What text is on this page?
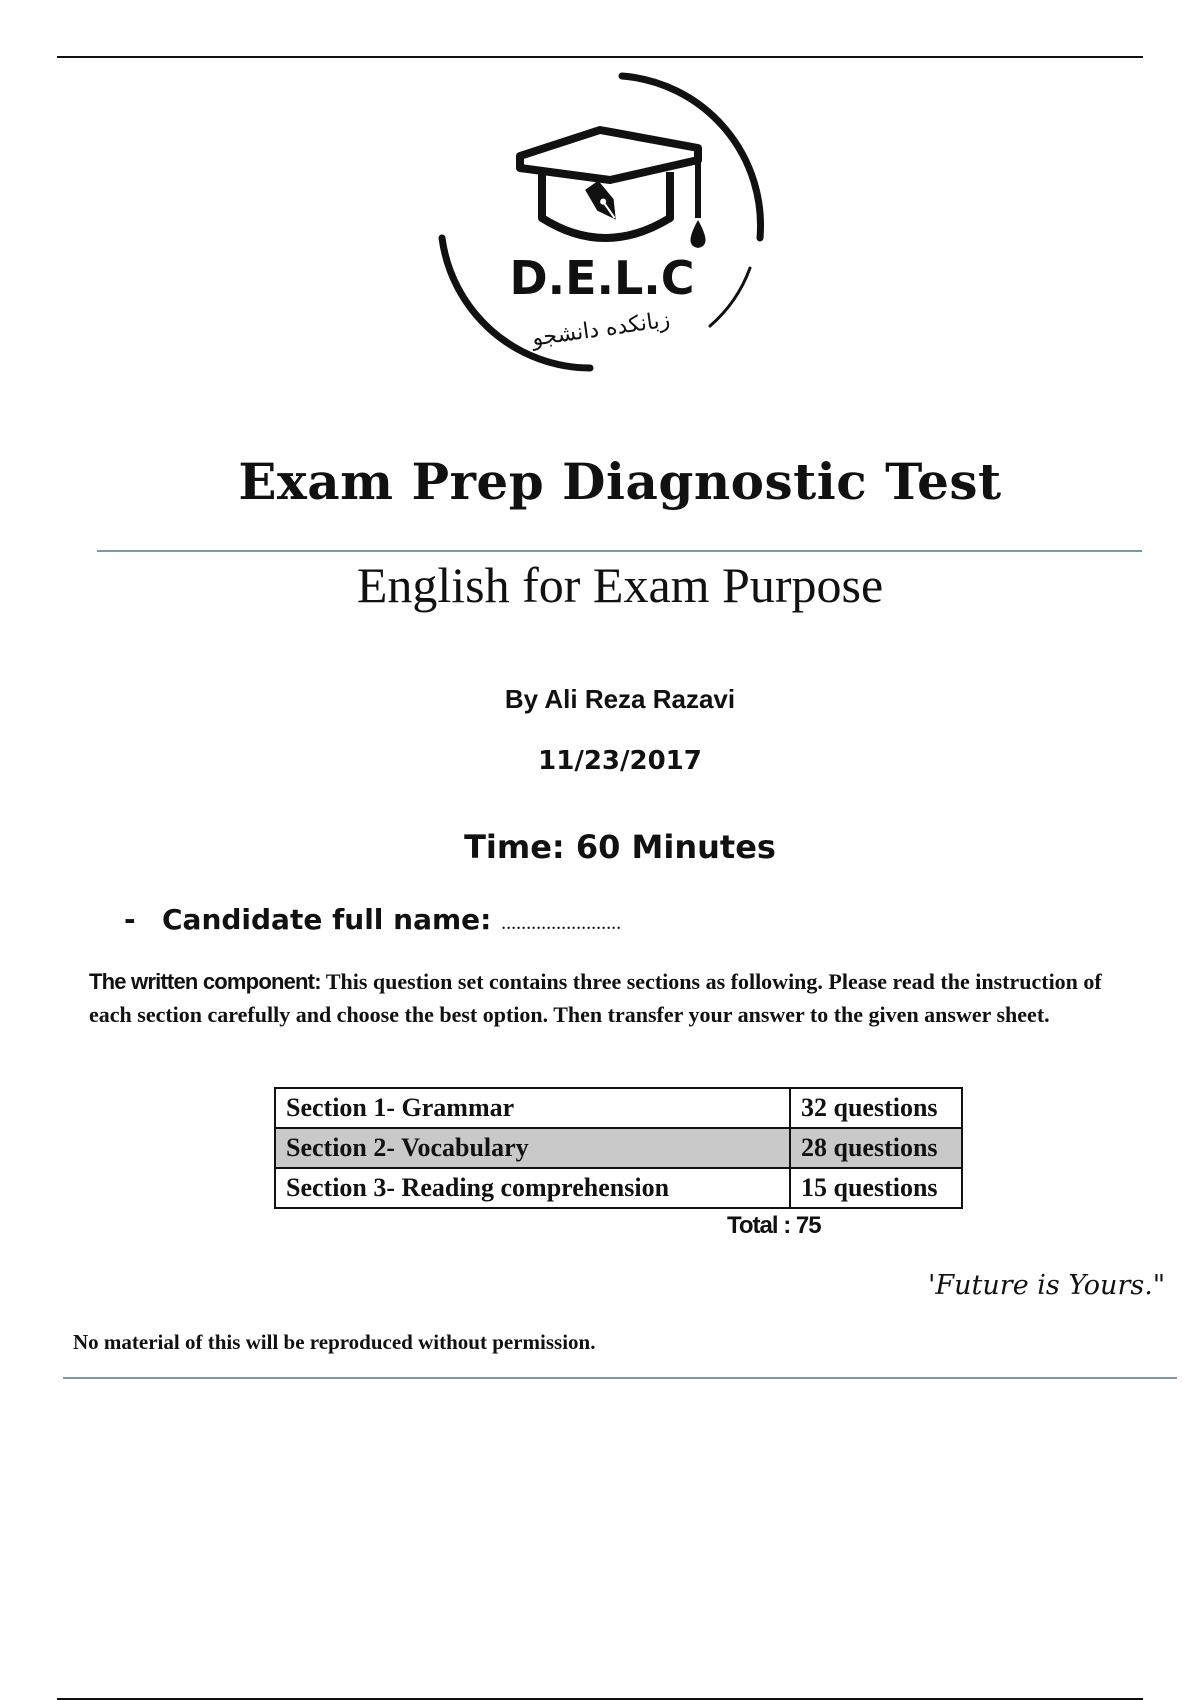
D.E.L.C
زبانکده دانشجو
Exam Prep Diagnostic Test
English for Exam Purpose
By Ali Reza Razavi
11/23/2017
Time: 60 Minutes
- Candidate full name: ........................
The written component: This question set contains three sections as following. Please read the instruction of each section carefully and choose the best option. Then transfer your answer to the given answer sheet.
Section 1- Grammar	32 questions
Section 2- Vocabulary	28 questions
Section 3- Reading comprehension	15 questions
Total : 75
'Future is Yours."
No material of this will be reproduced without permission.
